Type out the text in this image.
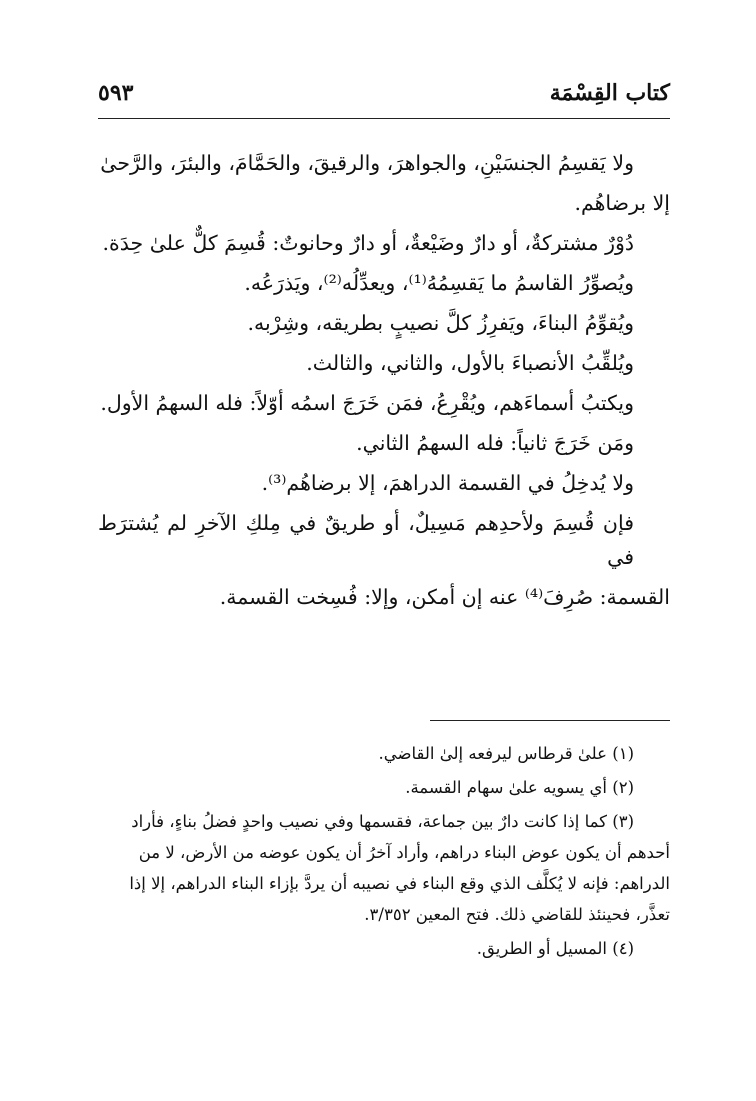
كتاب القِسْمَة
٥٩٣

ولا يَقسِمُ الجنسَيْنِ، والجواهرَ، والرقيقَ، والحَمَّامَ، والبئرَ، والرَّحىٰ

إلا برضاهُم.

دُوْرٌ مشتركةٌ، أو دارٌ وضَيْعةٌ، أو دارٌ وحانوتٌ: قُسِمَ كلٌّ علىٰ حِدَة.

ويُصوِّرُ القاسمُ ما يَقسِمُهُ⁽¹⁾، ويعدِّلُه⁽²⁾، ويَذرَعُه.

ويُقوِّمُ البناءَ، ويَفرِزُ كلَّ نصيبٍ بطريقه، وشِرْبه.

ويُلقِّبُ الأنصباءَ بالأول، والثاني، والثالث.

ويكتبُ أسماءَهم، ويُقْرِعُ، فمَن خَرَجَ اسمُه أوّلاً: فله السهمُ الأول.

ومَن خَرَجَ ثانياً: فله السهمُ الثاني.

ولا يُدخِلُ في القسمة الدراهمَ، إلا برضاهُم⁽³⁾.

فإن قُسِمَ ولأحدِهم مَسِيلٌ، أو طريقٌ في مِلكِ الآخرِ لم يُشترَط في

القسمة: صُرِفَ⁽⁴⁾ عنه إن أمكن، وإلا: فُسِخت القسمة.

(١) علىٰ قرطاس ليرفعه إلىٰ القاضي.

(٢) أي يسويه علىٰ سهام القسمة.

(٣) كما إذا كانت دارٌ بين جماعة، فقسمها وفي نصيب واحدٍ فضلُ بناءٍ، فأراد

أحدهم أن يكون عوض البناء دراهم، وأراد آخرُ أن يكون عوضه من الأرض، لا من

الدراهم: فإنه لا يُكلَّف الذي وقع البناء في نصيبه أن يردَّ بإزاء البناء الدراهم، إلا إذا

تعذَّر، فحينئذ للقاضي ذلك. فتح المعين ٣/٣٥٢.

(٤) المسيل أو الطريق.
